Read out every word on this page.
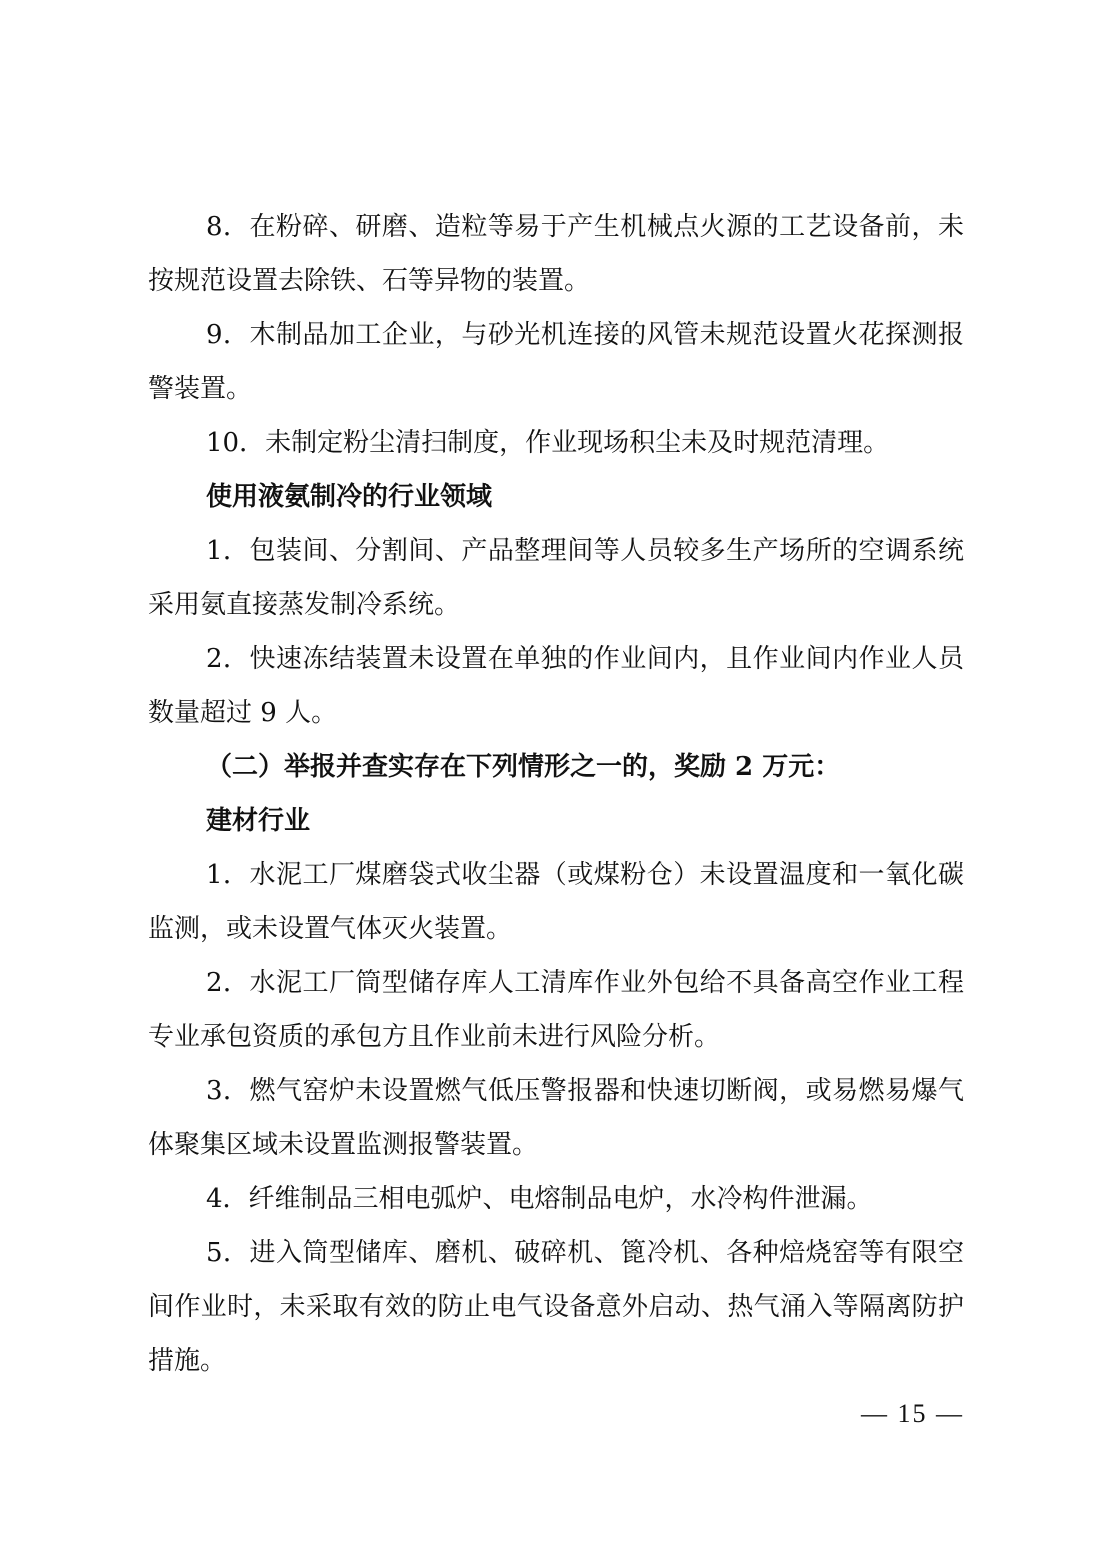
8．在粉碎、研磨、造粒等易于产生机械点火源的工艺设备前，未按规范设置去除铁、石等异物的装置。

9．木制品加工企业，与砂光机连接的风管未规范设置火花探测报警装置。

10．未制定粉尘清扫制度，作业现场积尘未及时规范清理。

使用液氨制冷的行业领域

1．包装间、分割间、产品整理间等人员较多生产场所的空调系统采用氨直接蒸发制冷系统。

2．快速冻结装置未设置在单独的作业间内，且作业间内作业人员数量超过 9 人。

（二）举报并查实存在下列情形之一的，奖励 2 万元：

建材行业

1．水泥工厂煤磨袋式收尘器（或煤粉仓）未设置温度和一氧化碳监测，或未设置气体灭火装置。

2．水泥工厂筒型储存库人工清库作业外包给不具备高空作业工程专业承包资质的承包方且作业前未进行风险分析。

3．燃气窑炉未设置燃气低压警报器和快速切断阀，或易燃易爆气体聚集区域未设置监测报警装置。

4．纤维制品三相电弧炉、电熔制品电炉，水冷构件泄漏。

5．进入筒型储库、磨机、破碎机、篦冷机、各种焙烧窑等有限空间作业时，未采取有效的防止电气设备意外启动、热气涌入等隔离防护措施。

— 15 —
